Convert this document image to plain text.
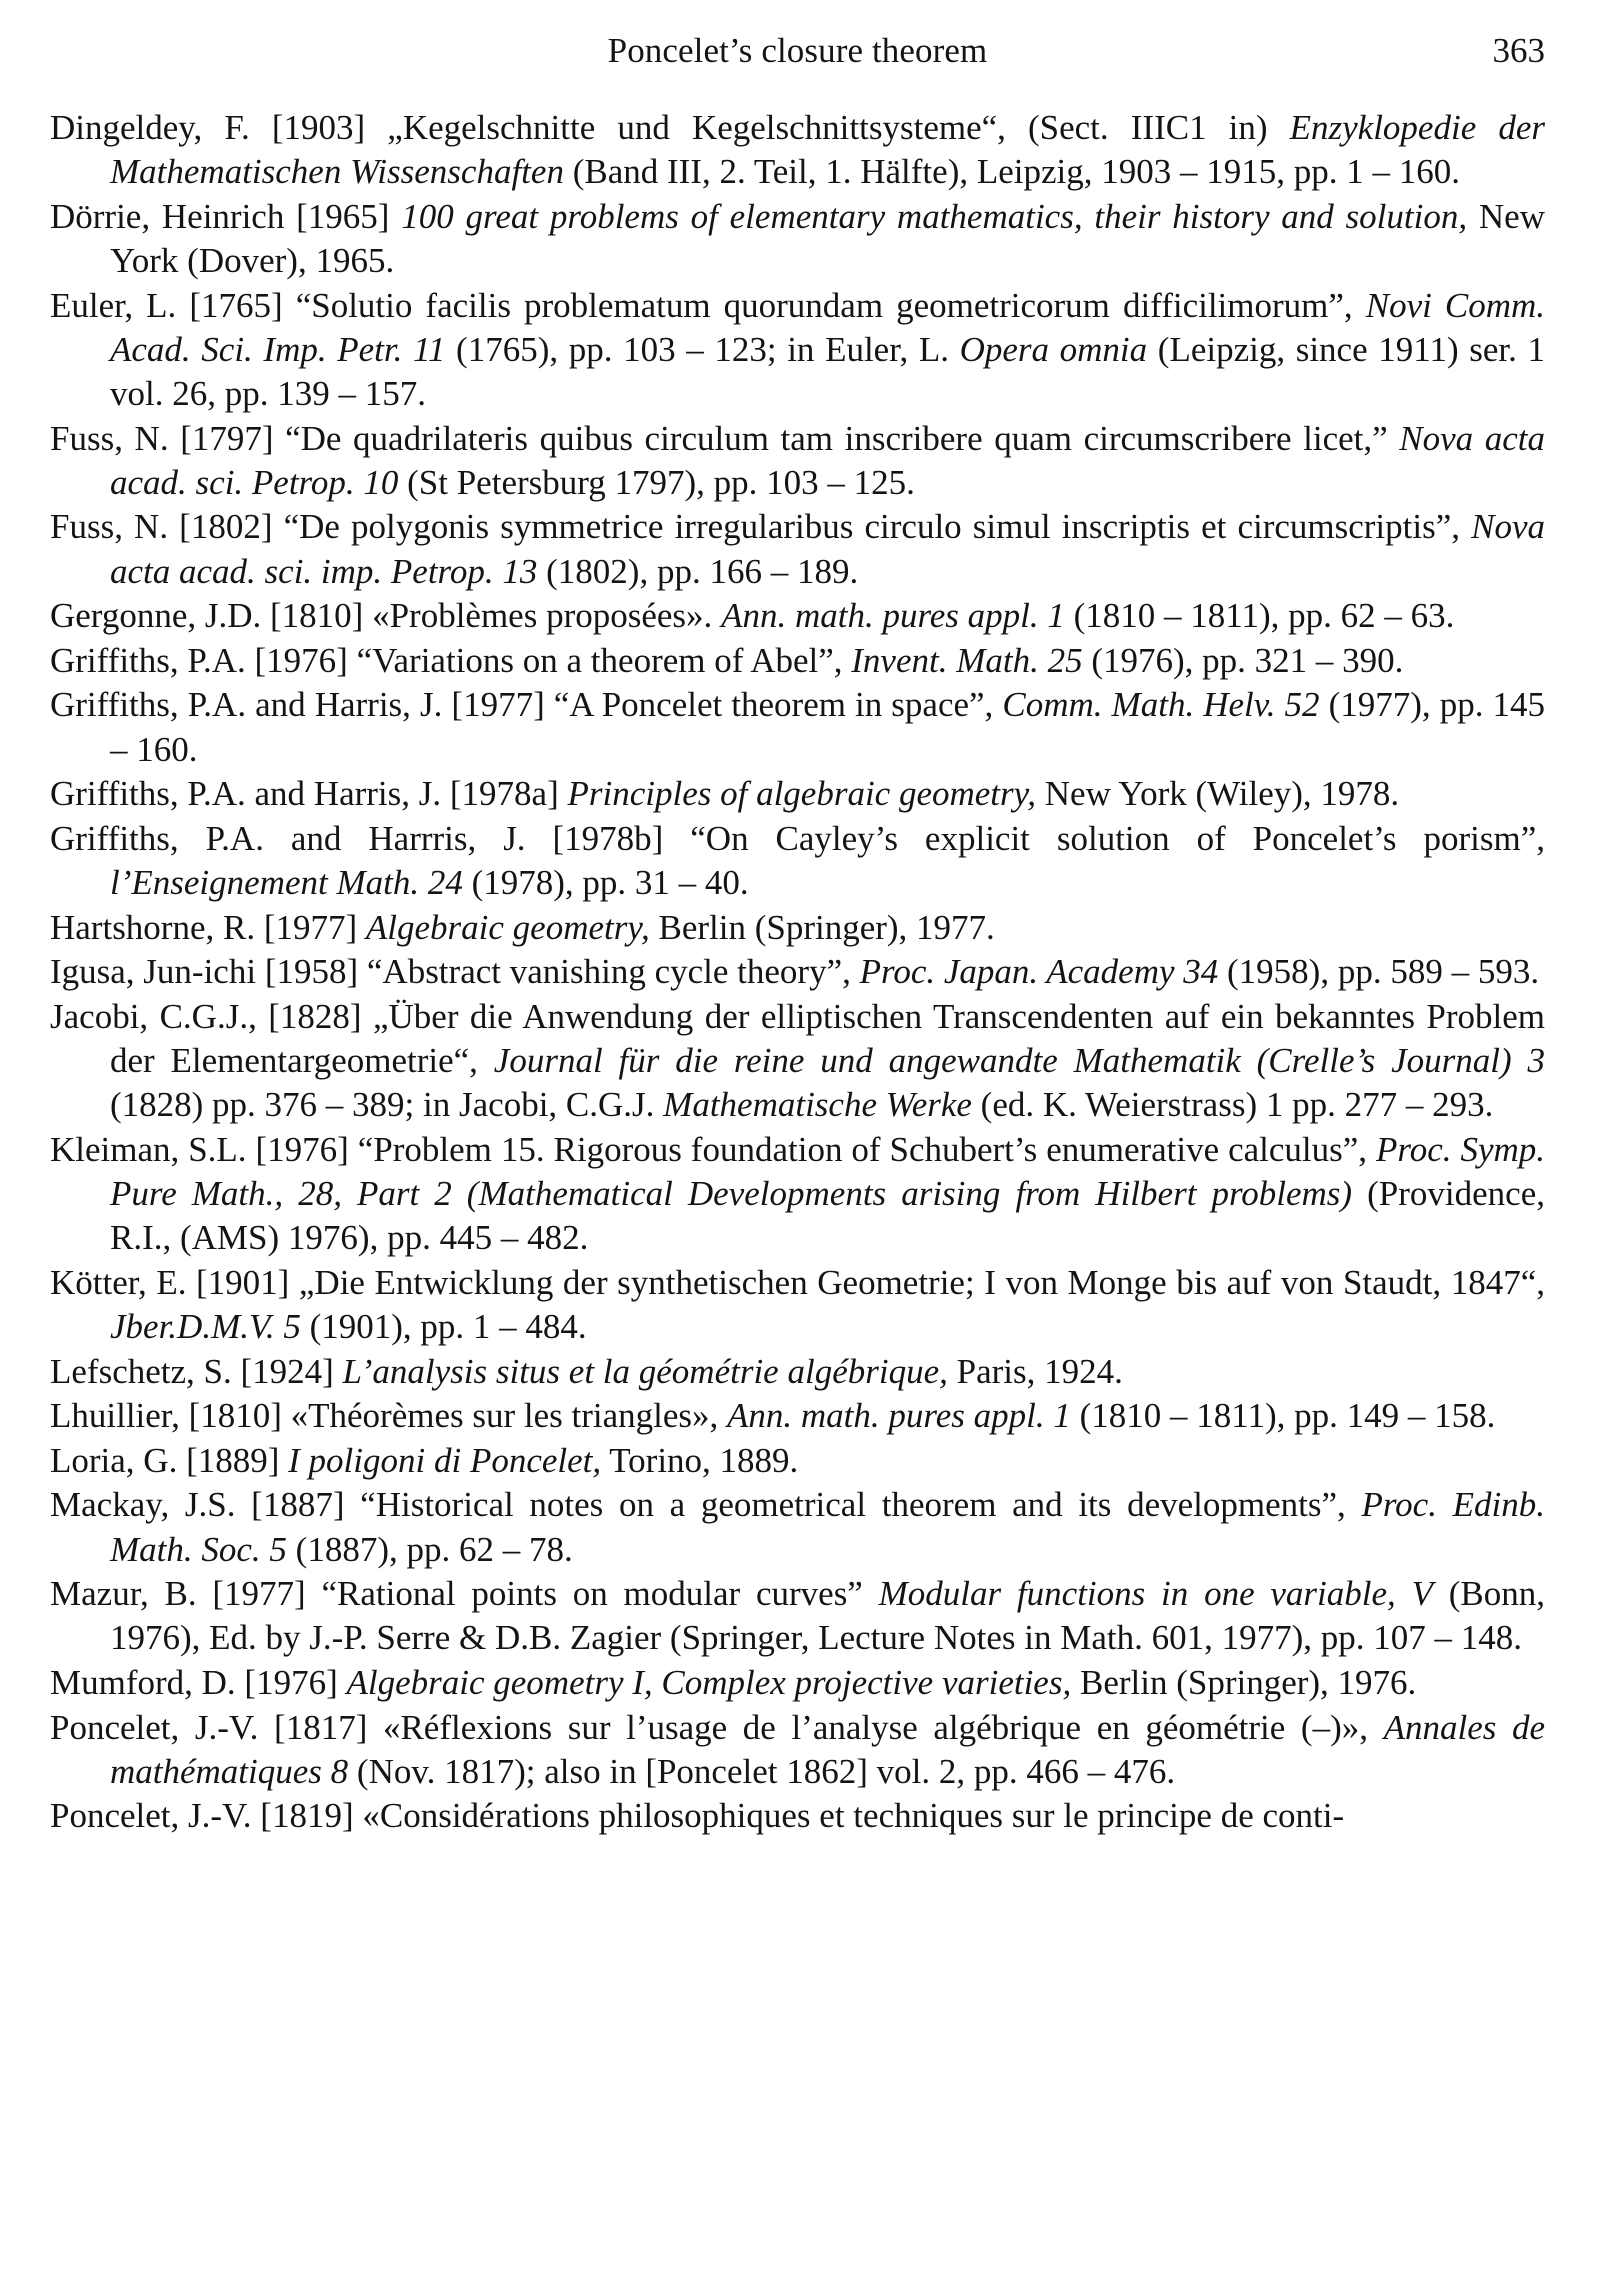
Poncelet’s closure theorem	363

Dingeldey, F. [1903] „Kegelschnitte und Kegelschnittsysteme“, (Sect. IIIC1 in) Enzyklopedie der Mathematischen Wissenschaften (Band III, 2. Teil, 1. Hälfte), Leipzig, 1903 – 1915, pp. 1 – 160.

Dörrie, Heinrich [1965] 100 great problems of elementary mathematics, their history and solution, New York (Dover), 1965.

Euler, L. [1765] “Solutio facilis problematum quorundam geometricorum difficilimorum”, Novi Comm. Acad. Sci. Imp. Petr. 11 (1765), pp. 103 – 123; in Euler, L. Opera omnia (Leipzig, since 1911) ser. 1 vol. 26, pp. 139 – 157.

Fuss, N. [1797] “De quadrilateris quibus circulum tam inscribere quam circumscribere licet,” Nova acta acad. sci. Petrop. 10 (St Petersburg 1797), pp. 103 – 125.

Fuss, N. [1802] “De polygonis symmetrice irregularibus circulo simul inscriptis et circumscriptis”, Nova acta acad. sci. imp. Petrop. 13 (1802), pp. 166 – 189.

Gergonne, J.D. [1810] «Problèmes proposées». Ann. math. pures appl. 1 (1810 – 1811), pp. 62 – 63.

Griffiths, P.A. [1976] “Variations on a theorem of Abel”, Invent. Math. 25 (1976), pp. 321 – 390.

Griffiths, P.A. and Harris, J. [1977] “A Poncelet theorem in space”, Comm. Math. Helv. 52 (1977), pp. 145 – 160.

Griffiths, P.A. and Harris, J. [1978a] Principles of algebraic geometry, New York (Wiley), 1978.

Griffiths, P.A. and Harrris, J. [1978b] “On Cayley’s explicit solution of Poncelet’s porism”, l’Enseignement Math. 24 (1978), pp. 31 – 40.

Hartshorne, R. [1977] Algebraic geometry, Berlin (Springer), 1977.

Igusa, Jun-ichi [1958] “Abstract vanishing cycle theory”, Proc. Japan. Academy 34 (1958), pp. 589 – 593.

Jacobi, C.G.J., [1828] „Über die Anwendung der elliptischen Transcendenten auf ein bekanntes Problem der Elementargeometrie“, Journal für die reine und angewandte Mathematik (Crelle’s Journal) 3 (1828) pp. 376 – 389; in Jacobi, C.G.J. Mathematische Werke (ed. K. Weierstrass) 1 pp. 277 – 293.

Kleiman, S.L. [1976] “Problem 15. Rigorous foundation of Schubert’s enumerative calculus”, Proc. Symp. Pure Math., 28, Part 2 (Mathematical Developments arising from Hilbert problems) (Providence, R.I., (AMS) 1976), pp. 445 – 482.

Kötter, E. [1901] „Die Entwicklung der synthetischen Geometrie; I von Monge bis auf von Staudt, 1847“, Jber.D.M.V. 5 (1901), pp. 1 – 484.

Lefschetz, S. [1924] L’analysis situs et la géométrie algébrique, Paris, 1924.

Lhuillier, [1810] «Théorèmes sur les triangles», Ann. math. pures appl. 1 (1810 – 1811), pp. 149 – 158.

Loria, G. [1889] I poligoni di Poncelet, Torino, 1889.

Mackay, J.S. [1887] “Historical notes on a geometrical theorem and its developments”, Proc. Edinb. Math. Soc. 5 (1887), pp. 62 – 78.

Mazur, B. [1977] “Rational points on modular curves” Modular functions in one variable, V (Bonn, 1976), Ed. by J.-P. Serre & D.B. Zagier (Springer, Lecture Notes in Math. 601, 1977), pp. 107 – 148.

Mumford, D. [1976] Algebraic geometry I, Complex projective varieties, Berlin (Springer), 1976.

Poncelet, J.-V. [1817] «Réflexions sur l’usage de l’analyse algébrique en géométrie (–)», Annales de mathématiques 8 (Nov. 1817); also in [Poncelet 1862] vol. 2, pp. 466 – 476.

Poncelet, J.-V. [1819] «Considérations philosophiques et techniques sur le principe de conti-
